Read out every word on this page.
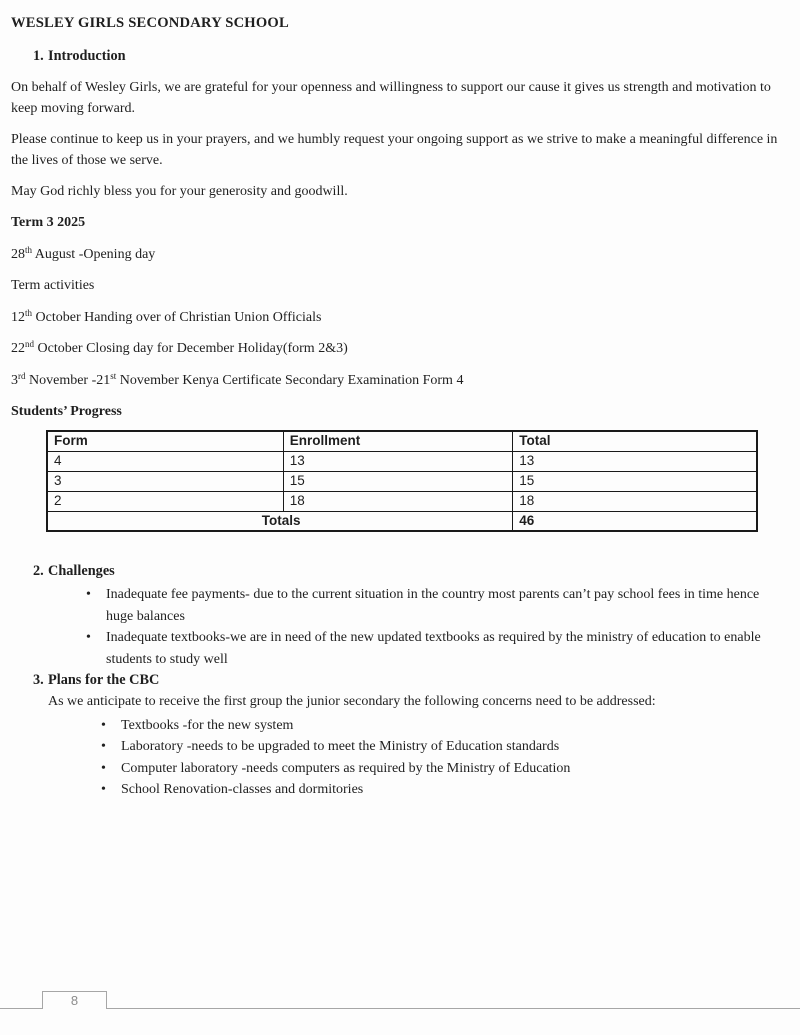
WESLEY GIRLS SECONDARY SCHOOL
1. Introduction

On behalf of Wesley Girls, we are grateful for your openness and willingness to support our cause it gives us strength and motivation to keep moving forward.

Please continue to keep us in your prayers, and we humbly request your ongoing support as we strive to make a meaningful difference in the lives of those we serve.

May God richly bless you for your generosity and goodwill.

Term 3 2025

28th August -Opening day

Term activities

12th October Handing over of Christian Union Officials

22nd October Closing day for December Holiday(form 2&3)

3rd November -21st November Kenya Certificate Secondary Examination Form 4

Students’ Progress

Form	Enrollment	Total
4	13	13
3	15	15
2	18	18
Totals		46
2. Challenges
• Inadequate fee payments- due to the current situation in the country most parents can’t pay school fees in time hence huge balances
• Inadequate textbooks-we are in need of the new updated textbooks as required by the ministry of education to enable students to study well
3. Plans for the CBC

As we anticipate to receive the first group the junior secondary the following concerns need to be addressed:

• Textbooks -for the new system
• Laboratory -needs to be upgraded to meet the Ministry of Education standards
• Computer laboratory -needs computers as required by the Ministry of Education
• School Renovation-classes and dormitories
8
